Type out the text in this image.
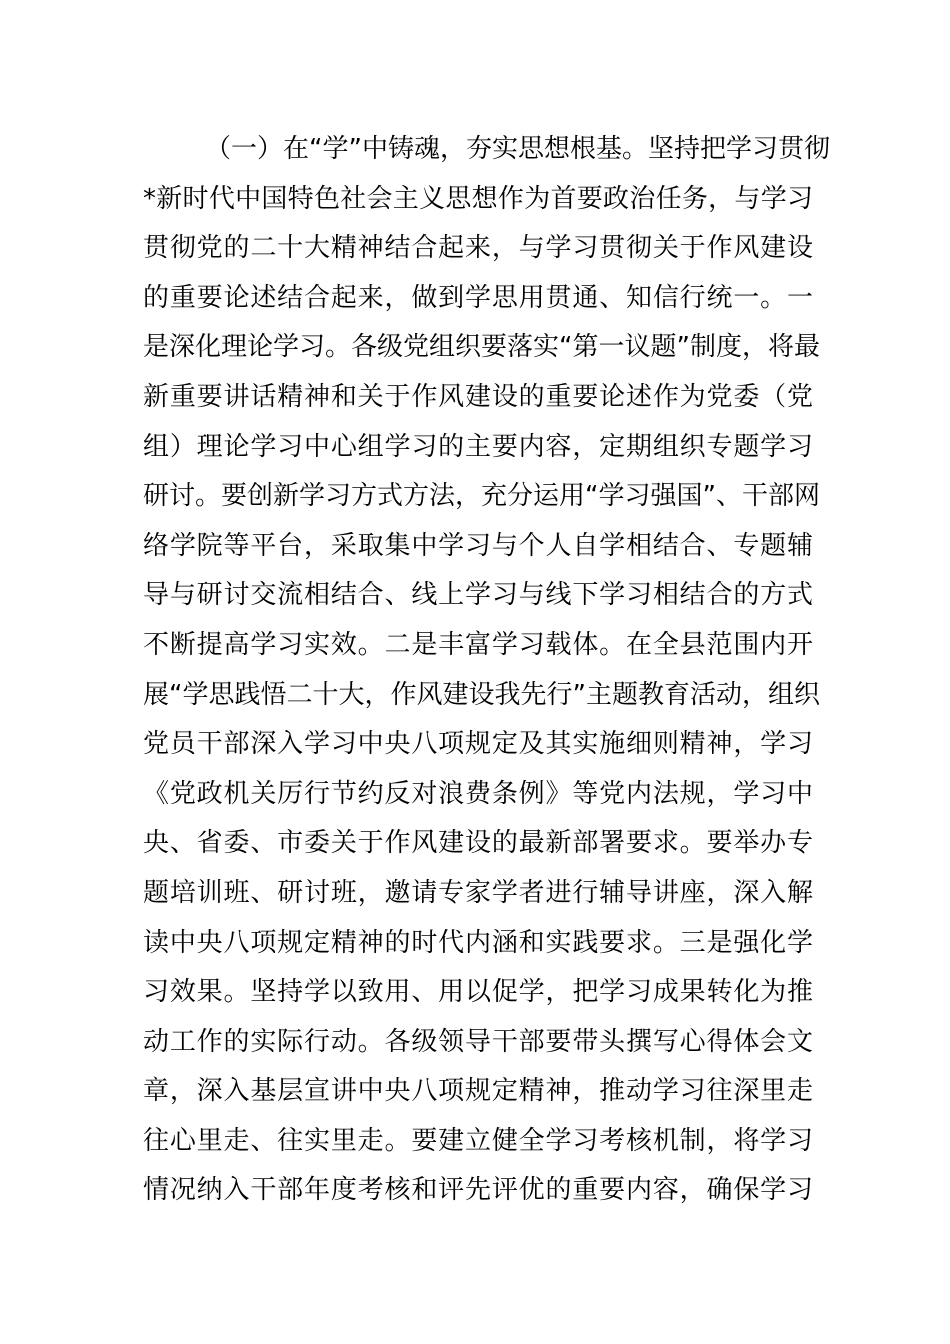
（一）在“学”中铸魂，夯实思想根基。坚持把学习贯彻
*新时代中国特色社会主义思想作为首要政治任务，与学习
贯彻党的二十大精神结合起来，与学习贯彻关于作风建设
的重要论述结合起来，做到学思用贯通、知信行统一。一
是深化理论学习。各级党组织要落实“第一议题”制度，将最
新重要讲话精神和关于作风建设的重要论述作为党委（党
组）理论学习中心组学习的主要内容，定期组织专题学习
研讨。要创新学习方式方法，充分运用“学习强国”、干部网
络学院等平台，采取集中学习与个人自学相结合、专题辅
导与研讨交流相结合、线上学习与线下学习相结合的方式
不断提高学习实效。二是丰富学习载体。在全县范围内开
展“学思践悟二十大，作风建设我先行”主题教育活动，组织
党员干部深入学习中央八项规定及其实施细则精神，学习
《党政机关厉行节约反对浪费条例》等党内法规，学习中
央、省委、市委关于作风建设的最新部署要求。要举办专
题培训班、研讨班，邀请专家学者进行辅导讲座，深入解
读中央八项规定精神的时代内涵和实践要求。三是强化学
习效果。坚持学以致用、用以促学，把学习成果转化为推
动工作的实际行动。各级领导干部要带头撰写心得体会文
章，深入基层宣讲中央八项规定精神，推动学习往深里走
往心里走、往实里走。要建立健全学习考核机制，将学习
情况纳入干部年度考核和评先评优的重要内容，确保学习
